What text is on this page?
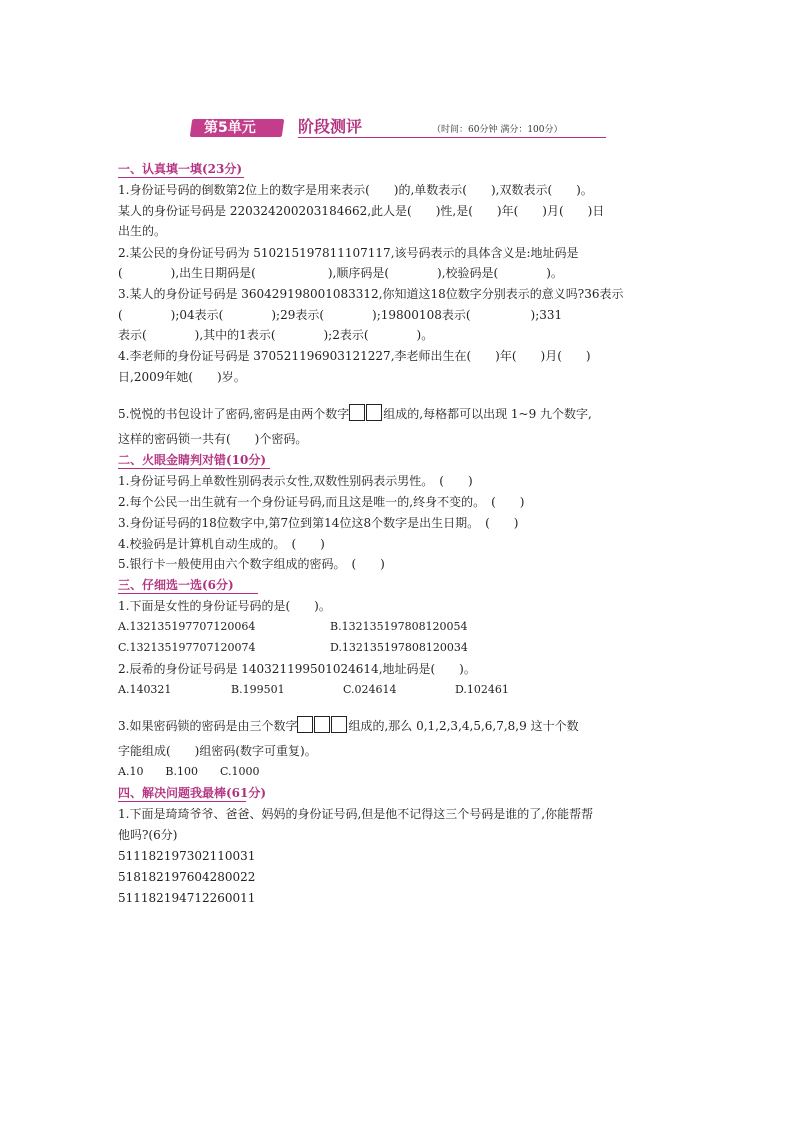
第5单元	阶段测评	（时间：60分钟 满分：100分）
一、认真填一填(23分)
1.身份证号码的倒数第2位上的数字是用来表示(　　)的,单数表示(　　),双数表示(　　)。
某人的身份证号码是 220324200203184662,此人是(　　)性,是(　　)年(　　)月(　　)日
出生的。
2.某公民的身份证号码为 510215197811107117,该号码表示的具体含义是:地址码是
(　　　　),出生日期码是(　　　　　　),顺序码是(　　　　),校验码是(　　　　)。
3.某人的身份证号码是 360429198001083312,你知道这18位数字分别表示的意义吗?36表示
(　　　　);04表示(　　　　);29表示(　　　　);19800108表示(　　　　　);331
表示(　　　　),其中的1表示(　　　　);2表示(　　　　)。
4.李老师的身份证号码是 370521196903121227,李老师出生在(　　)年(　　)月(　　)
日,2009年她(　　)岁。
5.悦悦的书包设计了密码,密码是由两个数字	组成的,每格都可以出现 1~9 九个数字,
这样的密码锁一共有(　　)个密码。
二、火眼金睛判对错(10分)
1.身份证号码上单数性别码表示女性,双数性别码表示男性。　(　　)
2.每个公民一出生就有一个身份证号码,而且这是唯一的,终身不变的。　(　　)
3.身份证号码的18位数字中,第7位到第14位这8个数字是出生日期。　(　　)
4.校验码是计算机自动生成的。　(　　)
5.银行卡一般使用由六个数字组成的密码。　(　　)
三、仔细选一选(6分)
1.下面是女性的身份证号码的是(　　)。
A.132135197707120064	B.132135197808120054
C.132135197707120074	D.132135197808120034
2.辰希的身份证号码是 140321199501024614,地址码是(　　)。
A.140321	B.199501	C.024614	D.102461
3.如果密码锁的密码是由三个数字	组成的,那么 0,1,2,3,4,5,6,7,8,9 这十个数
字能组成(　　)组密码(数字可重复)。
A.10　　B.100　　C.1000
四、解决问题我最棒(61分)
1.下面是琦琦爷爷、爸爸、妈妈的身份证号码,但是他不记得这三个号码是谁的了,你能帮帮
他吗?(6分)
511182197302110031
518182197604280022
511182194712260011
